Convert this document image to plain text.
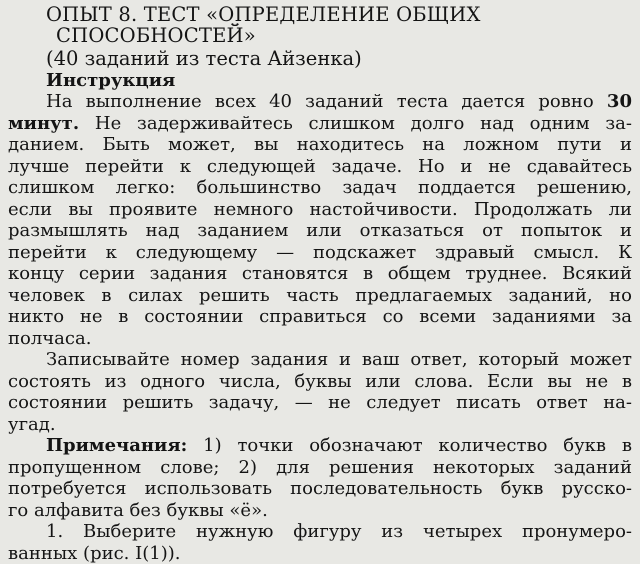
ОПЫТ 8. ТЕСТ «ОПРЕДЕЛЕНИЕ ОБЩИХ
СПОСОБНОСТЕЙ»
(40 заданий из теста Айзенка)
Инструкция
На выполнение всех 40 заданий теста дается ровно 30
минут. Не задерживайтесь слишком долго над одним за-
данием. Быть может, вы находитесь на ложном пути и
лучше перейти к следующей задаче. Но и не сдавайтесь
слишком легко: большинство задач поддается решению,
если вы проявите немного настойчивости. Продолжать ли
размышлять над заданием или отказаться от попыток и
перейти к следующему — подскажет здравый смысл. К
концу серии задания становятся в общем труднее. Всякий
человек в силах решить часть предлагаемых заданий, но
никто не в состоянии справиться со всеми заданиями за
полчаса.
Записывайте номер задания и ваш ответ, который может
состоять из одного числа, буквы или слова. Если вы не в
состоянии решить задачу, — не следует писать ответ на-
угад.
Примечания: 1) точки обозначают количество букв в
пропущенном слове; 2) для решения некоторых заданий
потребуется использовать последовательность букв русско-
го алфавита без буквы «ё».
1. Выберите нужную фигуру из четырех пронумеро-
ванных (рис. I(1)).
